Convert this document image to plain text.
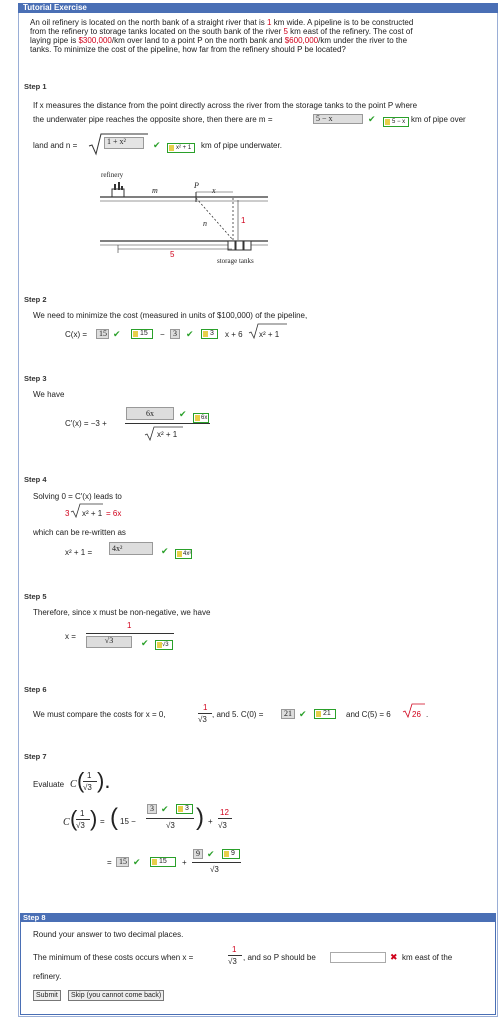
Tutorial Exercise
An oil refinery is located on the north bank of a straight river that is 1 km wide. A pipeline is to be constructed
from the refinery to storage tanks located on the south bank of the river 5 km east of the refinery. The cost of
laying pipe is $300,000/km over land to a point P on the north bank and $600,000/km under the river to the
tanks. To minimize the cost of the pipeline, how far from the refinery should P be located?
Step 1
If x measures the distance from the point directly across the river from the storage tanks to the point P where
the underwater pipe reaches the opposite shore, then there are m =	5 − x	✔	5 − x km of pipe over
land and n =	1 + x²	✔	x² + 1	km of pipe underwater.
refinery
m
P
x
n	1
5
storage tanks
Step 2
We need to minimize the cost (measured in units of $100,000) of the pipeline,
C(x) =	15 ✔	15	−	3	✔	3	x + 6 x² + 1
Step 3
We have
C′(x) = −3 +
6x	✔	6x
x² + 1
Step 4
Solving 0 = C′(x) leads to
3 x² + 1 = 6x
which can be re-written as
x² + 1 =	4x²	✔	4x²
Step 5
Therefore, since x must be non-negative, we have
x =
1
√3	✔	√3
Step 6
We must compare the costs for x = 0,
1
√3
, and 5. C(0) =	21 ✔	21	and C(5) = 6	26 .
Step 7
Evaluate C ( 1
√3 ).
C ( 1
√3 ) = ( 15 −
3 ✔	3
√3 ) +
12
√3
= 15 ✔	15	+
9 ✔	9
√3
Step 8
Round your answer to two decimal places.
The minimum of these costs occurs when x =
1
√3 , and so P should be	✖ km east of the
refinery.
Submit	Skip (you cannot come back)
